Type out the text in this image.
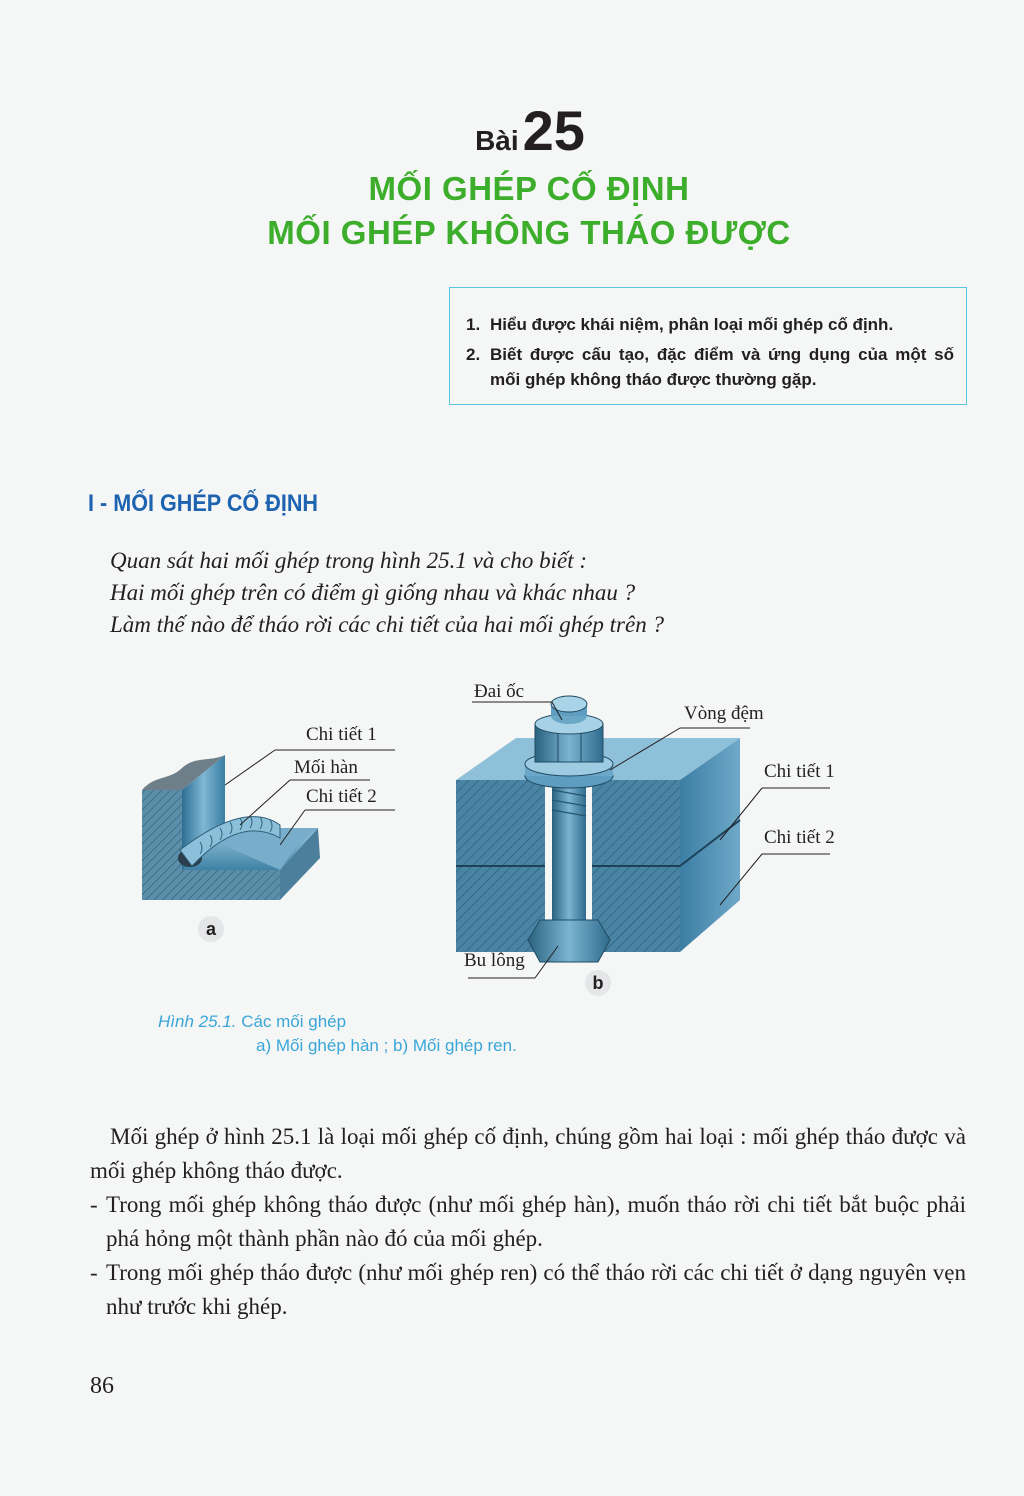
Bài25
MỐI GHÉP CỐ ĐỊNH
MỐI GHÉP KHÔNG THÁO ĐƯỢC
1. Hiểu được khái niệm, phân loại mối ghép cố định.
2. Biết được cấu tạo, đặc điểm và ứng dụng của một số mối ghép không tháo được thường gặp.
I - MỐI GHÉP CỐ ĐỊNH
Quan sát hai mối ghép trong hình 25.1 và cho biết :
Hai mối ghép trên có điểm gì giống nhau và khác nhau ?
Làm thế nào để tháo rời các chi tiết của hai mối ghép trên ?
Chi tiết 1
Mối hàn
Chi tiết 2
a
Đai ốc
Vòng đệm
Chi tiết 1
Chi tiết 2
Bu lông
b
Hình 25.1. Các mối ghép
a) Mối ghép hàn ; b) Mối ghép ren.
Mối ghép ở hình 25.1 là loại mối ghép cố định, chúng gồm hai loại : mối ghép tháo được và mối ghép không tháo được.
- Trong mối ghép không tháo được (như mối ghép hàn), muốn tháo rời chi tiết bắt buộc phải phá hỏng một thành phần nào đó của mối ghép.
- Trong mối ghép tháo được (như mối ghép ren) có thể tháo rời các chi tiết ở dạng nguyên vẹn như trước khi ghép.
86
